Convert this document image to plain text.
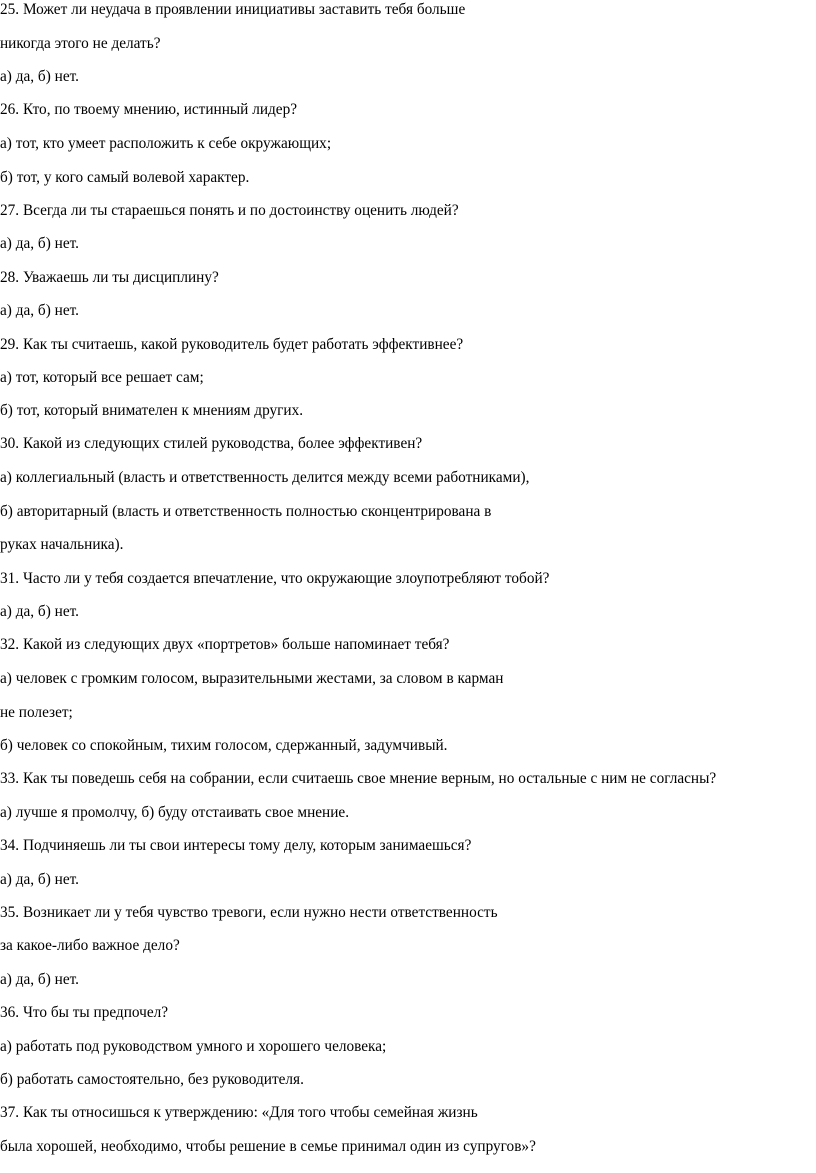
25. Может ли неудача в проявлении инициативы заставить тебя больше

никогда этого не делать?

а) да, б) нет.

26. Кто, по твоему мнению, истинный лидер?

а) тот, кто умеет расположить к себе окружающих;

б) тот, у кого самый волевой характер.

27. Всегда ли ты стараешься понять и по достоинству оценить людей?

а) да, б) нет.

28. Уважаешь ли ты дисциплину?

а) да, б) нет.

29. Как ты считаешь, какой руководитель будет работать эффективнее?

а) тот, который все решает сам;

б) тот, который внимателен к мнениям других.

30. Какой из следующих стилей руководства, более эффективен?

а) коллегиальный (власть и ответственность делится между всеми работниками),

б) авторитарный (власть и ответственность полностью сконцентрирована в

руках начальника).

31. Часто ли у тебя создается впечатление, что окружающие злоупотребляют тобой?

а) да, б) нет.

32. Какой из следующих двух «портретов» больше напоминает тебя?

а) человек с громким голосом, выразительными жестами, за словом в карман

не полезет;

б) человек со спокойным, тихим голосом, сдержанный, задумчивый.

33. Как ты поведешь себя на собрании, если считаешь свое мнение верным, но остальные с ним не согласны?

а) лучше я промолчу, б) буду отстаивать свое мнение.

34. Подчиняешь ли ты свои интересы тому делу, которым занимаешься?

а) да, б) нет.

35. Возникает ли у тебя чувство тревоги, если нужно нести ответственность

за какое-либо важное дело?

а) да, б) нет.

36. Что бы ты предпочел?

а) работать под руководством умного и хорошего человека;

б) работать самостоятельно, без руководителя.

37. Как ты относишься к утверждению: «Для того чтобы семейная жизнь

была хорошей, необходимо, чтобы решение в семье принимал один из супругов»?
